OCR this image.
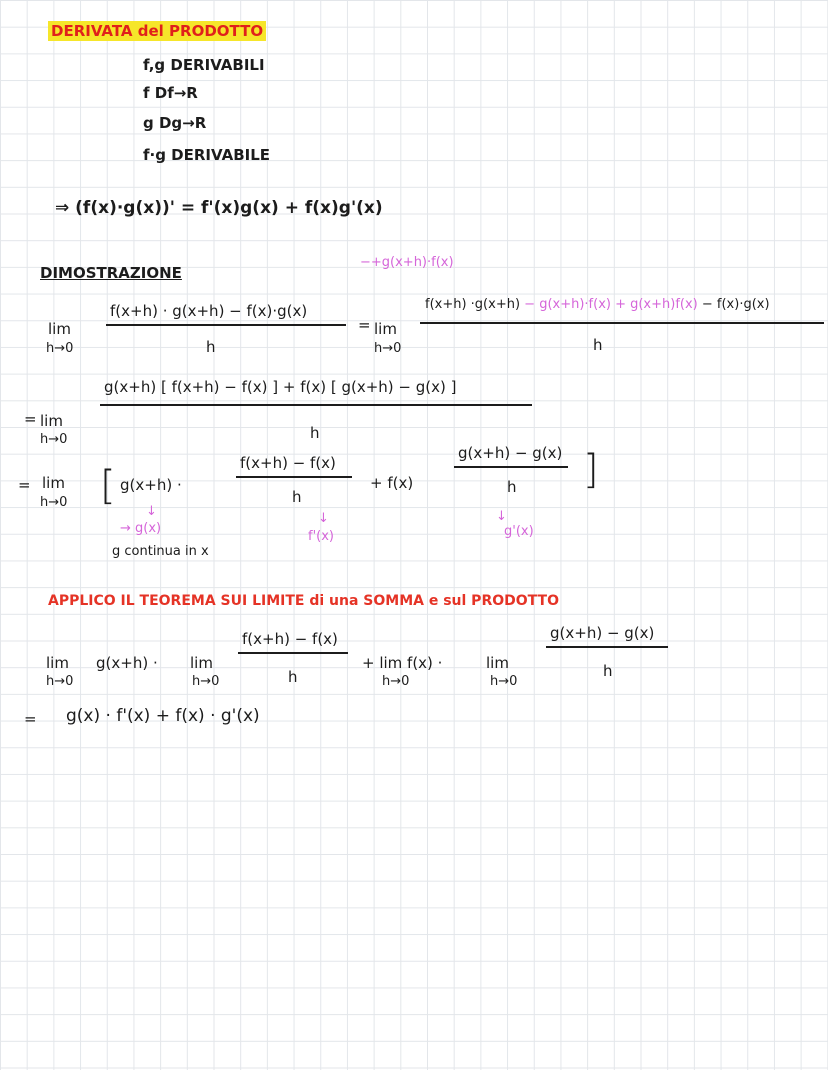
DERIVATA del PRODOTTO
f,g DERIVABILI
f Df→R
g Dg→R
f·g DERIVABILE
⇒ (f(x)·g(x))' = f'(x)g(x) + f(x)g'(x)
DIMOSTRAZIONE
−+g(x+h)·f(x)
lim
h→0
f(x+h) · g(x+h) − f(x)·g(x)
h
= lim
h→0
f(x+h) ·g(x+h) − g(x+h)·f(x) + g(x+h)f(x) − f(x)·g(x)
h
= lim
h→0
g(x+h) [ f(x+h) − f(x) ] + f(x) [ g(x+h) − g(x) ]
h
= lim
h→0 [ g(x+h) ·
f(x+h) − f(x)
h
+ f(x)
g(x+h) − g(x)
h ]
↓
→ g(x)
g continua in x
↓
f'(x)
↓
g'(x)
APPLICO IL TEOREMA SUI LIMITE di una SOMMA e sul PRODOTTO
lim
h→0
g(x+h) · lim
h→0
f(x+h) − f(x)
h
+ lim f(x) ·
h→0
lim
h→0
g(x+h) − g(x)
h
= g(x) · f'(x) + f(x) · g'(x)
